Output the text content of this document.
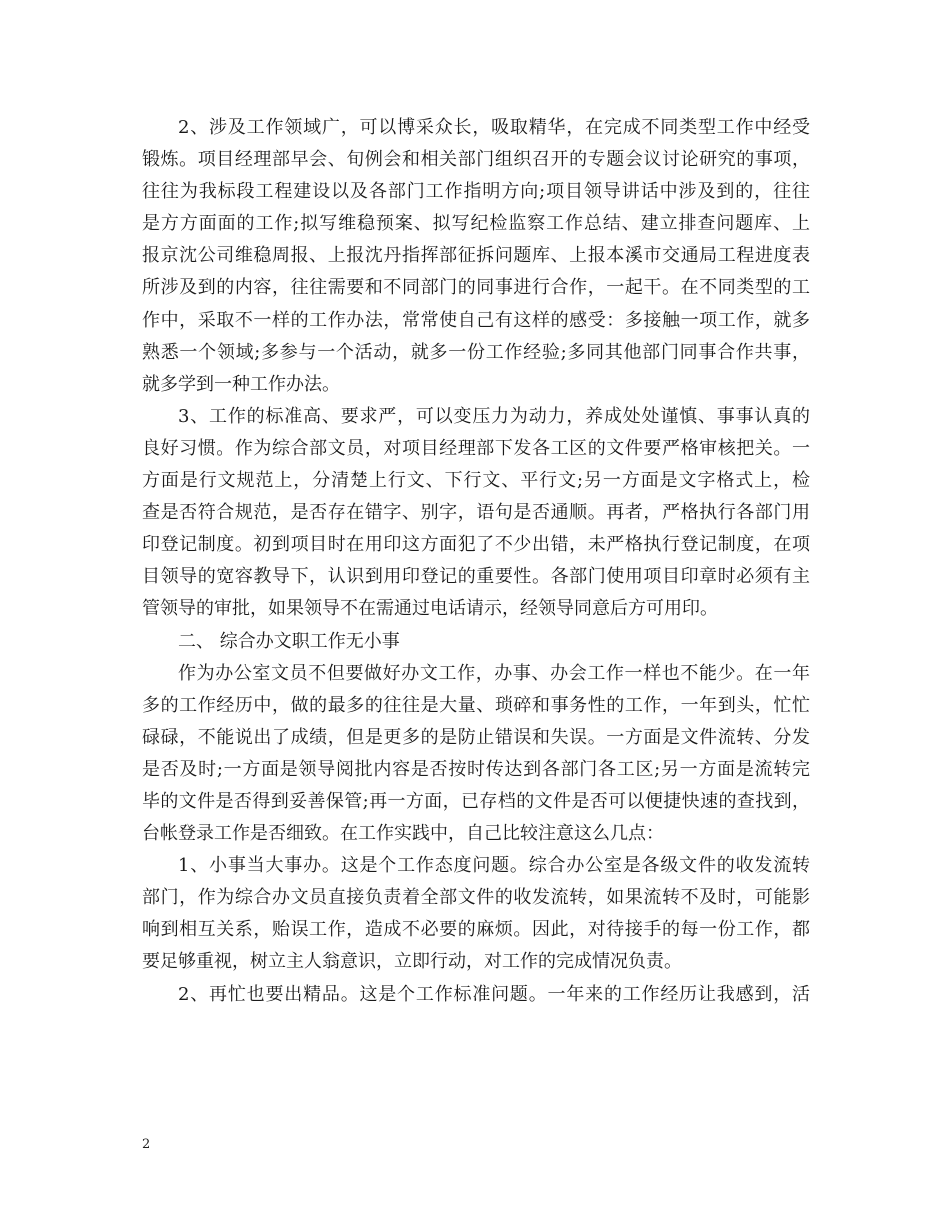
2、涉及工作领域广，可以博采众长，吸取精华，在完成不同类型工作中经受
锻炼。项目经理部早会、旬例会和相关部门组织召开的专题会议讨论研究的事项，
往往为我标段工程建设以及各部门工作指明方向;项目领导讲话中涉及到的，往往
是方方面面的工作;拟写维稳预案、拟写纪检监察工作总结、建立排查问题库、上
报京沈公司维稳周报、上报沈丹指挥部征拆问题库、上报本溪市交通局工程进度表
所涉及到的内容，往往需要和不同部门的同事进行合作，一起干。在不同类型的工
作中，采取不一样的工作办法，常常使自己有这样的感受：多接触一项工作，就多
熟悉一个领域;多参与一个活动，就多一份工作经验;多同其他部门同事合作共事，
就多学到一种工作办法。
3、工作的标准高、要求严，可以变压力为动力，养成处处谨慎、事事认真的
良好习惯。作为综合部文员，对项目经理部下发各工区的文件要严格审核把关。一
方面是行文规范上，分清楚上行文、下行文、平行文;另一方面是文字格式上，检
查是否符合规范，是否存在错字、别字，语句是否通顺。再者，严格执行各部门用
印登记制度。初到项目时在用印这方面犯了不少出错，未严格执行登记制度，在项
目领导的宽容教导下，认识到用印登记的重要性。各部门使用项目印章时必须有主
管领导的审批，如果领导不在需通过电话请示，经领导同意后方可用印。
二、 综合办文职工作无小事
作为办公室文员不但要做好办文工作，办事、办会工作一样也不能少。在一年
多的工作经历中，做的最多的往往是大量、琐碎和事务性的工作，一年到头，忙忙
碌碌，不能说出了成绩，但是更多的是防止错误和失误。一方面是文件流转、分发
是否及时;一方面是领导阅批内容是否按时传达到各部门各工区;另一方面是流转完
毕的文件是否得到妥善保管;再一方面，已存档的文件是否可以便捷快速的查找到，
台帐登录工作是否细致。在工作实践中，自己比较注意这么几点：
1、小事当大事办。这是个工作态度问题。综合办公室是各级文件的收发流转
部门，作为综合办文员直接负责着全部文件的收发流转，如果流转不及时，可能影
响到相互关系，贻误工作，造成不必要的麻烦。因此，对待接手的每一份工作，都
要足够重视，树立主人翁意识，立即行动，对工作的完成情况负责。
2、再忙也要出精品。这是个工作标准问题。一年来的工作经历让我感到，活
2
